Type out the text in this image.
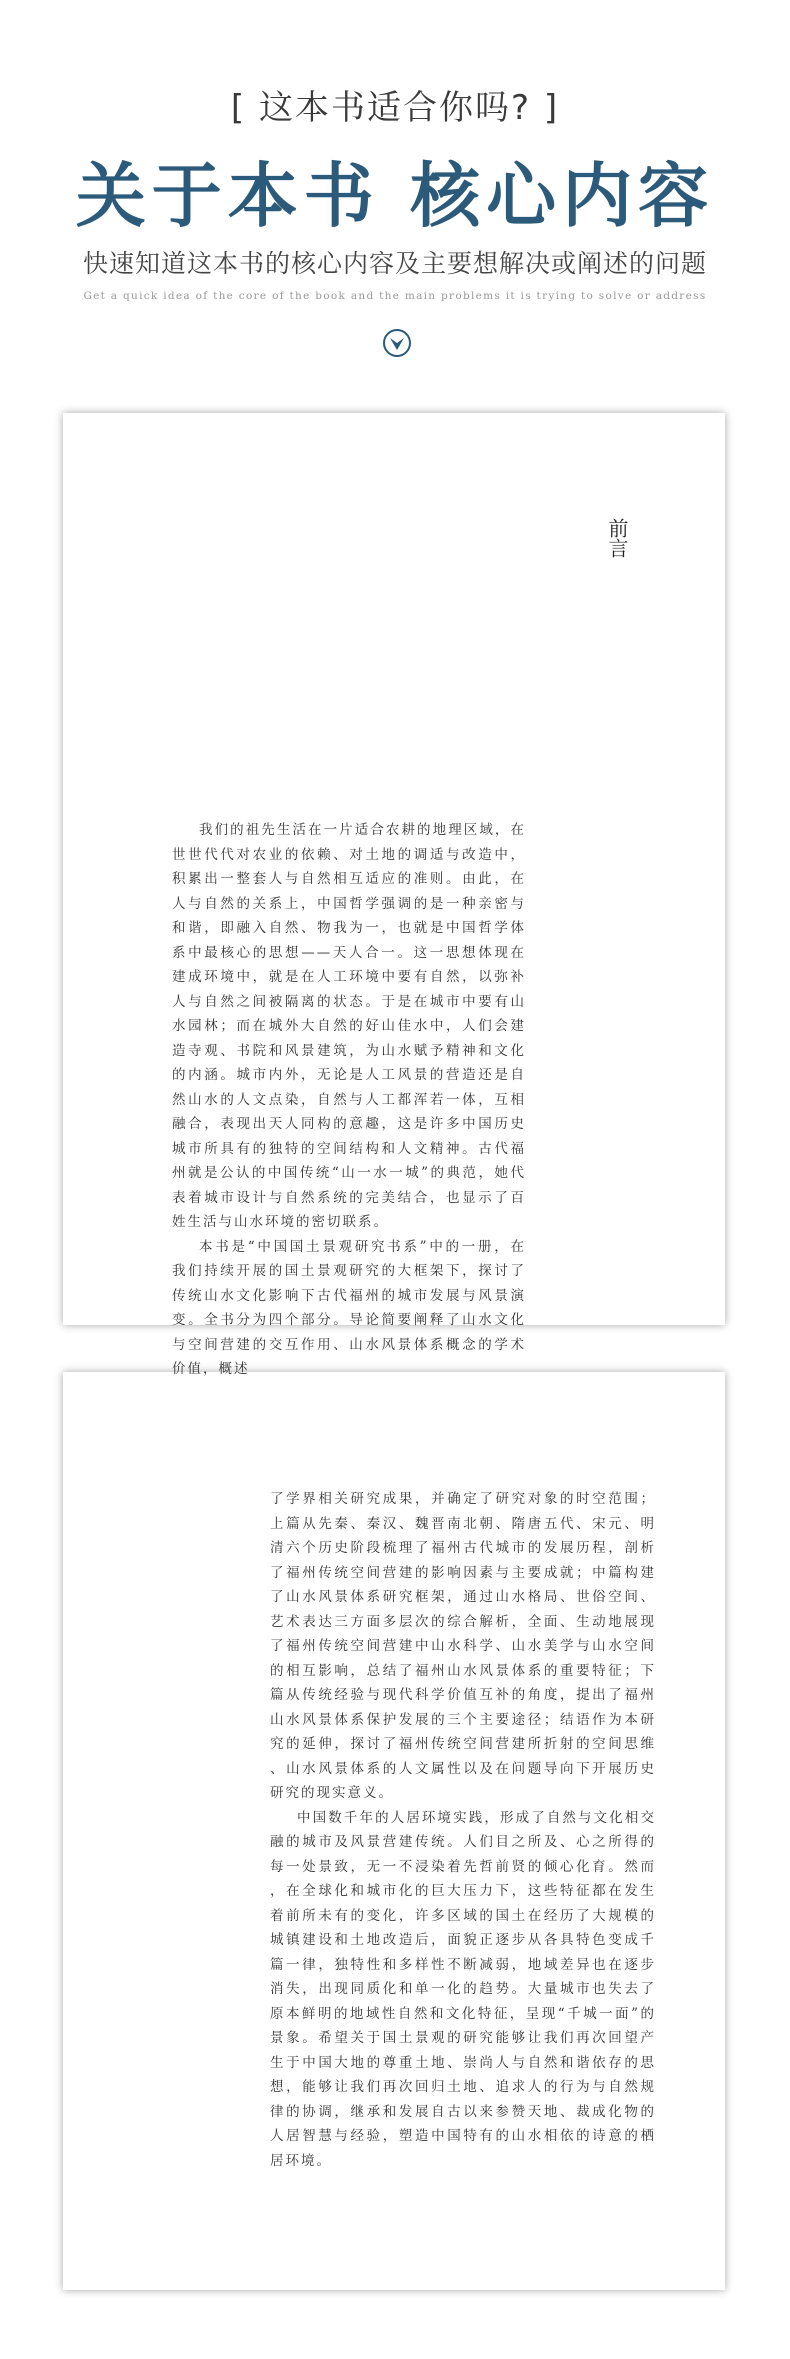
[ 这本书适合你吗? ]
关于本书 核心内容
快速知道这本书的核心内容及主要想解决或阐述的问题
Get a quick idea of the core of the book and the main problems it is trying to solve or address
前言

我们的祖先生活在一片适合农耕的地理区域，在世世代代对农业的依赖、对土地的调适与改造中，积累出一整套人与自然相互适应的准则。由此，在人与自然的关系上，中国哲学强调的是一种亲密与和谐，即融入自然、物我为一，也就是中国哲学体系中最核心的思想——天人合一。这一思想体现在建成环境中，就是在人工环境中要有自然，以弥补人与自然之间被隔离的状态。于是在城市中要有山水园林；而在城外大自然的好山佳水中，人们会建造寺观、书院和风景建筑，为山水赋予精神和文化的内涵。城市内外，无论是人工风景的营造还是自然山水的人文点染，自然与人工都浑若一体，互相融合，表现出天人同构的意趣，这是许多中国历史城市所具有的独特的空间结构和人文精神。古代福州就是公认的中国传统“山一水一城”的典范，她代表着城市设计与自然系统的完美结合，也显示了百姓生活与山水环境的密切联系。

本书是“中国国土景观研究书系”中的一册，在我们持续开展的国土景观研究的大框架下，探讨了传统山水文化影响下古代福州的城市发展与风景演变。全书分为四个部分。导论简要阐释了山水文化与空间营建的交互作用、山水风景体系概念的学术价值，概述

了学界相关研究成果，并确定了研究对象的时空范围；上篇从先秦、秦汉、魏晋南北朝、隋唐五代、宋元、明清六个历史阶段梳理了福州古代城市的发展历程，剖析了福州传统空间营建的影响因素与主要成就；中篇构建了山水风景体系研究框架，通过山水格局、世俗空间、艺术表达三方面多层次的综合解析，全面、生动地展现了福州传统空间营建中山水科学、山水美学与山水空间的相互影响，总结了福州山水风景体系的重要特征；下篇从传统经验与现代科学价值互补的角度，提出了福州山水风景体系保护发展的三个主要途径；结语作为本研究的延伸，探讨了福州传统空间营建所折射的空间思维、山水风景体系的人文属性以及在问题导向下开展历史研究的现实意义。

中国数千年的人居环境实践，形成了自然与文化相交融的城市及风景营建传统。人们目之所及、心之所得的每一处景致，无一不浸染着先哲前贤的倾心化育。然而，在全球化和城市化的巨大压力下，这些特征都在发生着前所未有的变化，许多区域的国土在经历了大规模的城镇建设和土地改造后，面貌正逐步从各具特色变成千篇一律，独特性和多样性不断减弱，地域差异也在逐步消失，出现同质化和单一化的趋势。大量城市也失去了原本鲜明的地域性自然和文化特征，呈现“千城一面”的景象。希望关于国土景观的研究能够让我们再次回望产生于中国大地的尊重土地、崇尚人与自然和谐依存的思想，能够让我们再次回归土地、追求人的行为与自然规律的协调，继承和发展自古以来参赞天地、裁成化物的人居智慧与经验，塑造中国特有的山水相依的诗意的栖居环境。
